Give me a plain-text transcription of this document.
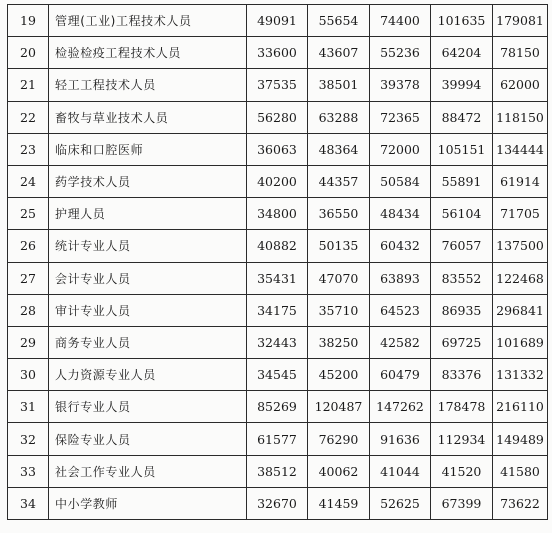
19	管理(工业)工程技术人员	49091	55654	74400	101635	179081
20	检验检疫工程技术人员	33600	43607	55236	64204	78150
21	轻工工程技术人员	37535	38501	39378	39994	62000
22	畜牧与草业技术人员	56280	63288	72365	88472	118150
23	临床和口腔医师	36063	48364	72000	105151	134444
24	药学技术人员	40200	44357	50584	55891	61914
25	护理人员	34800	36550	48434	56104	71705
26	统计专业人员	40882	50135	60432	76057	137500
27	会计专业人员	35431	47070	63893	83552	122468
28	审计专业人员	34175	35710	64523	86935	296841
29	商务专业人员	32443	38250	42582	69725	101689
30	人力资源专业人员	34545	45200	60479	83376	131332
31	银行专业人员	85269	120487	147262	178478	216110
32	保险专业人员	61577	76290	91636	112934	149489
33	社会工作专业人员	38512	40062	41044	41520	41580
34	中小学教师	32670	41459	52625	67399	73622
